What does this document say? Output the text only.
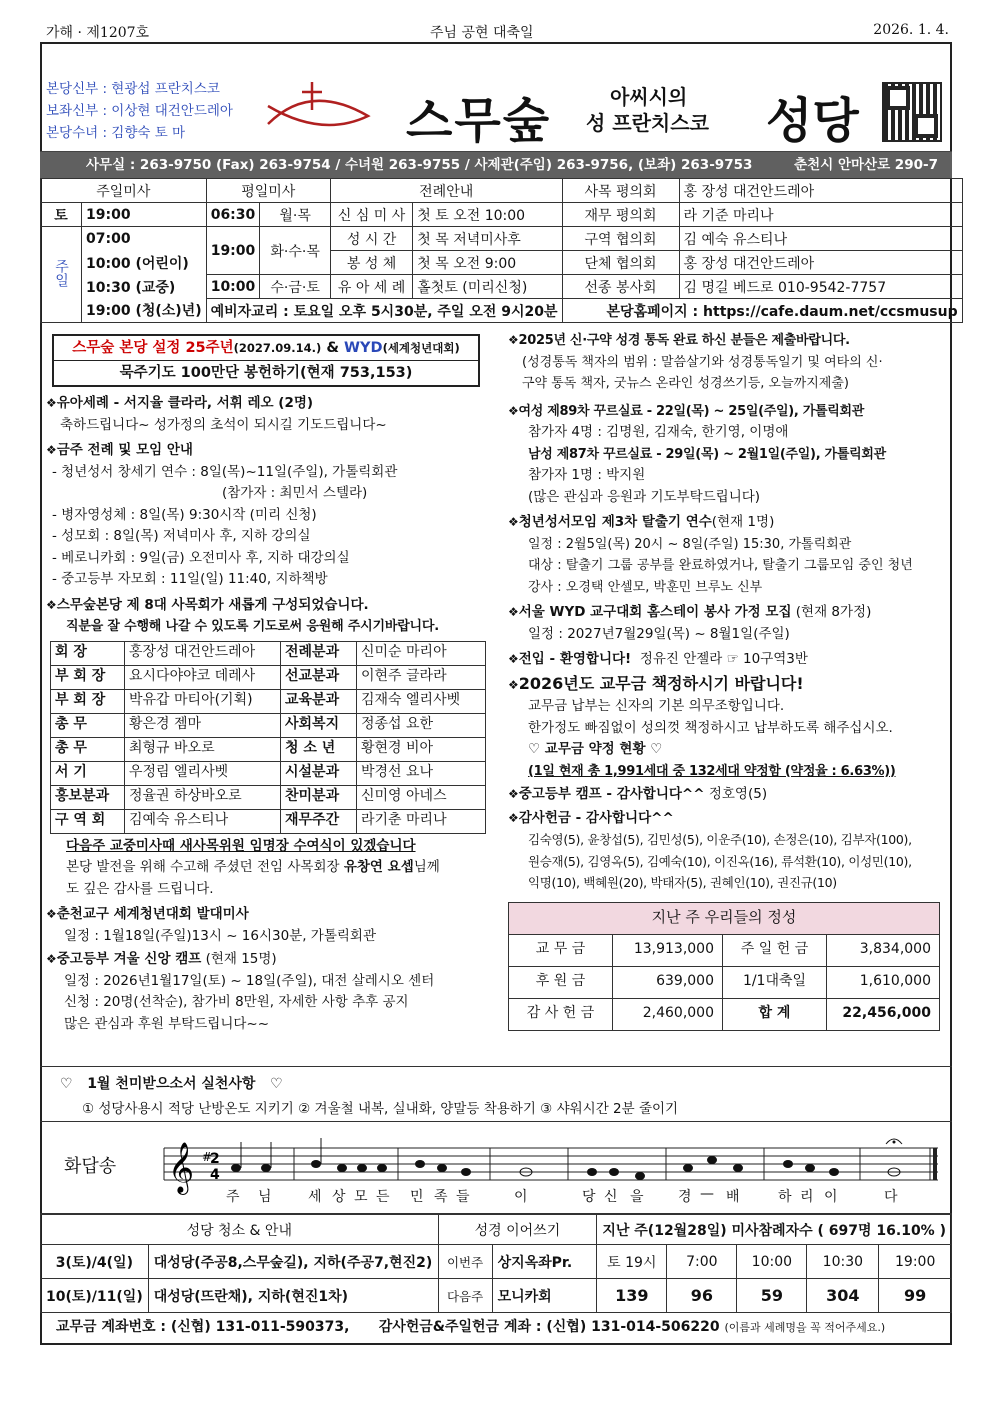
가해 · 제1207호	주님 공현 대축일	2026. 1. 4.
본당신부 : 현광섭 프란치스코
보좌신부 : 이상현 대건안드레아
본당수녀 : 김향숙 토 마	스무숲	아씨시의
성 프란치스코 성당
사무실 : 263-9750 (Fax) 263-9754 / 수녀원 263-9755 / 사제관(주임) 263-9756, (보좌) 263-9753	춘천시 안마산로 290-7
주일미사		평일미사		전례안내		사목 평의회	홍 장성 대건안드레아
토	19:00	06:30	월·목	신 심 미 사	첫 토 오전 10:00	재무 평의회	라 기준 마리나
주일	07:00	19:00	화·수·목	성 시 간	첫 목 저녁미사후	구역 협의회	김 예숙 유스티나
	10:00 (어린이)			봉 성 체	첫 목 오전 9:00	단체 협의회	홍 장성 대건안드레아
	10:30 (교중)	10:00	수·금·토	유 아 세 례	홀첫토 (미리신청)	선종 봉사회	김 명길 베드로 010-9542-7757
	19:00 (청(소)년)	예비자교리 : 토요일 오후 5시30분, 주일 오전 9시20분				본당홈페이지 : https://cafe.daum.net/ccsmusup	
스무숲 본당 설정 25주년(2027.09.14.) & WYD(세계청년대회)
묵주기도 100만단 봉헌하기(현재 753,153)
❖ 유아세례 - 서지율 클라라, 서휘 레오 (2명)
축하드립니다~ 성가정의 초석이 되시길 기도드립니다~
❖ 금주 전례 및 모임 안내
- 청년성서 창세기 연수 : 8일(목)~11일(주일), 가톨릭회관
(참가자 : 최민서 스텔라)
- 병자영성체 : 8일(목) 9:30시작 (미리 신청)
- 성모회 : 8일(목) 저녁미사 후, 지하 강의실
- 베로니카회 : 9일(금) 오전미사 후, 지하 대강의실
- 중고등부 자모회 : 11일(일) 11:40, 지하책방
❖ 스무숲본당 제 8대 사목회가 새롭게 구성되었습니다.
직분을 잘 수행해 나갈 수 있도록 기도로써 응원해 주시기바랍니다.
회 장	홍장성 대건안드레아	전례분과	신미순 마리아
부 회 장	요시다야야코 데레사	선교분과	이현주 글라라
부 회 장	박유갑 마티아(기획)	교육분과	김재숙 엘리사벳
총 무	황은경 젬마	사회복지	정종섭 요한
총 무	최형규 바오로	청 소 년	황현경 비아
서 기	우정림 엘리사벳	시설분과	박경선 요나
홍보분과	정율권 하상바오로	찬미분과	신미영 아네스
구 역 회	김예숙 유스티나	재무주간	라기춘 마리나
다음주 교중미사때 새사목위원 임명장 수여식이 있겠습니다
본당 발전을 위해 수고해 주셨던 전임 사목회장 유창연 요셉님께
도 깊은 감사를 드립니다.
❖ 춘천교구 세계청년대회 발대미사
일정 : 1월18일(주일)13시 ~ 16시30분, 가톨릭회관
❖ 중고등부 겨울 신앙 캠프 (현재 15명)
일정 : 2026년1월17일(토) ~ 18일(주일), 대전 살레시오 센터
신청 : 20명(선착순), 참가비 8만원, 자세한 사항 추후 공지
많은 관심과 후원 부탁드립니다~~
❖ 2025년 신·구약 성경 통독 완료 하신 분들은 제출바랍니다.
(성경통독 책자의 범위 : 말씀살기와 성경통독일기 및 여타의 신·
구약 통독 책자, 굿뉴스 온라인 성경쓰기등, 오늘까지제출)
❖ 여성 제89차 꾸르실료 - 22일(목) ~ 25일(주일), 가톨릭회관
참가자 4명 : 김명원, 김재숙, 한기영, 이명애
남성 제87차 꾸르실료 - 29일(목) ~ 2월1일(주일), 가톨릭회관
참가자 1명 : 박지원
(많은 관심과 응원과 기도부탁드립니다)
❖ 청년성서모임 제3차 탈출기 연수(현재 1명)
일정 : 2월5일(목) 20시 ~ 8일(주일) 15:30, 가톨릭회관
대상 : 탈출기 그룹 공부를 완료하였거나, 탈출기 그룹모임 중인 청년
강사 : 오경택 안셀모, 박훈민 브루노 신부
❖ 서울 WYD 교구대회 홈스테이 봉사 가정 모집 (현재 8가정)
일정 : 2027년7월29일(목) ~ 8월1일(주일)
❖ 전입 - 환영합니다! 정유진 안젤라 ☞ 10구역3반
❖ 2026년도 교무금 책정하시기 바랍니다!
교무금 납부는 신자의 기본 의무조항입니다.
한가정도 빠짐없이 성의껏 책정하시고 납부하도록 해주십시오.
♡ 교무금 약정 현황 ♡
(1일 현재 총 1,991세대 중 132세대 약정함 (약정율 : 6.63%))
❖ 중고등부 캠프 - 감사합니다^^ 정호영(5)
❖ 감사헌금 - 감사합니다^^
김숙영(5), 윤창섭(5), 김민성(5), 이운주(10), 손정은(10), 김부자(100),
원승재(5), 김영옥(5), 김예숙(10), 이진옥(16), 류석환(10), 이성민(10),
익명(10), 백혜원(20), 박태자(5), 권혜인(10), 권진규(10)
지난 주 우리들의 정성			
교 무 금	13,913,000	주 일 헌 금	3,834,000
후 원 금	639,000	1/1대축일	1,610,000
감 사 헌 금	2,460,000	합 계	22,456,000
♡   1월 천미받으소서 실천사항   ♡
① 성당사용시 적당 난방온도 지키기 ② 겨울철 내복, 실내화, 양말등 착용하기 ③ 샤워시간 2분 줄이기
화답송 𝄞 #
2
4
주 님	세 상 모 든 민 족 들	이	당 신 을 경 — 배	하 리 이	다
성당 청소 & 안내		성경 이어쓰기		지난 주(12월28일) 미사참례자수 ( 697명 16.10% )				
3(토)/4(일)	대성당(주공8,스무숲길), 지하(주공7,현진2)	이번주	상지옥좌Pr.	토 19시	7:00	10:00	10:30	19:00

10(토)/11(일)	대성당(뜨란채), 지하(현진1차)	다음주	모니카회	139	96	59	304	99
교무금 계좌번호 : (신협) 131-011-590373, 감사헌금&주일헌금 계좌 : (신협) 131-014-506220 (이름과 세례명을 꼭 적어주세요.)
